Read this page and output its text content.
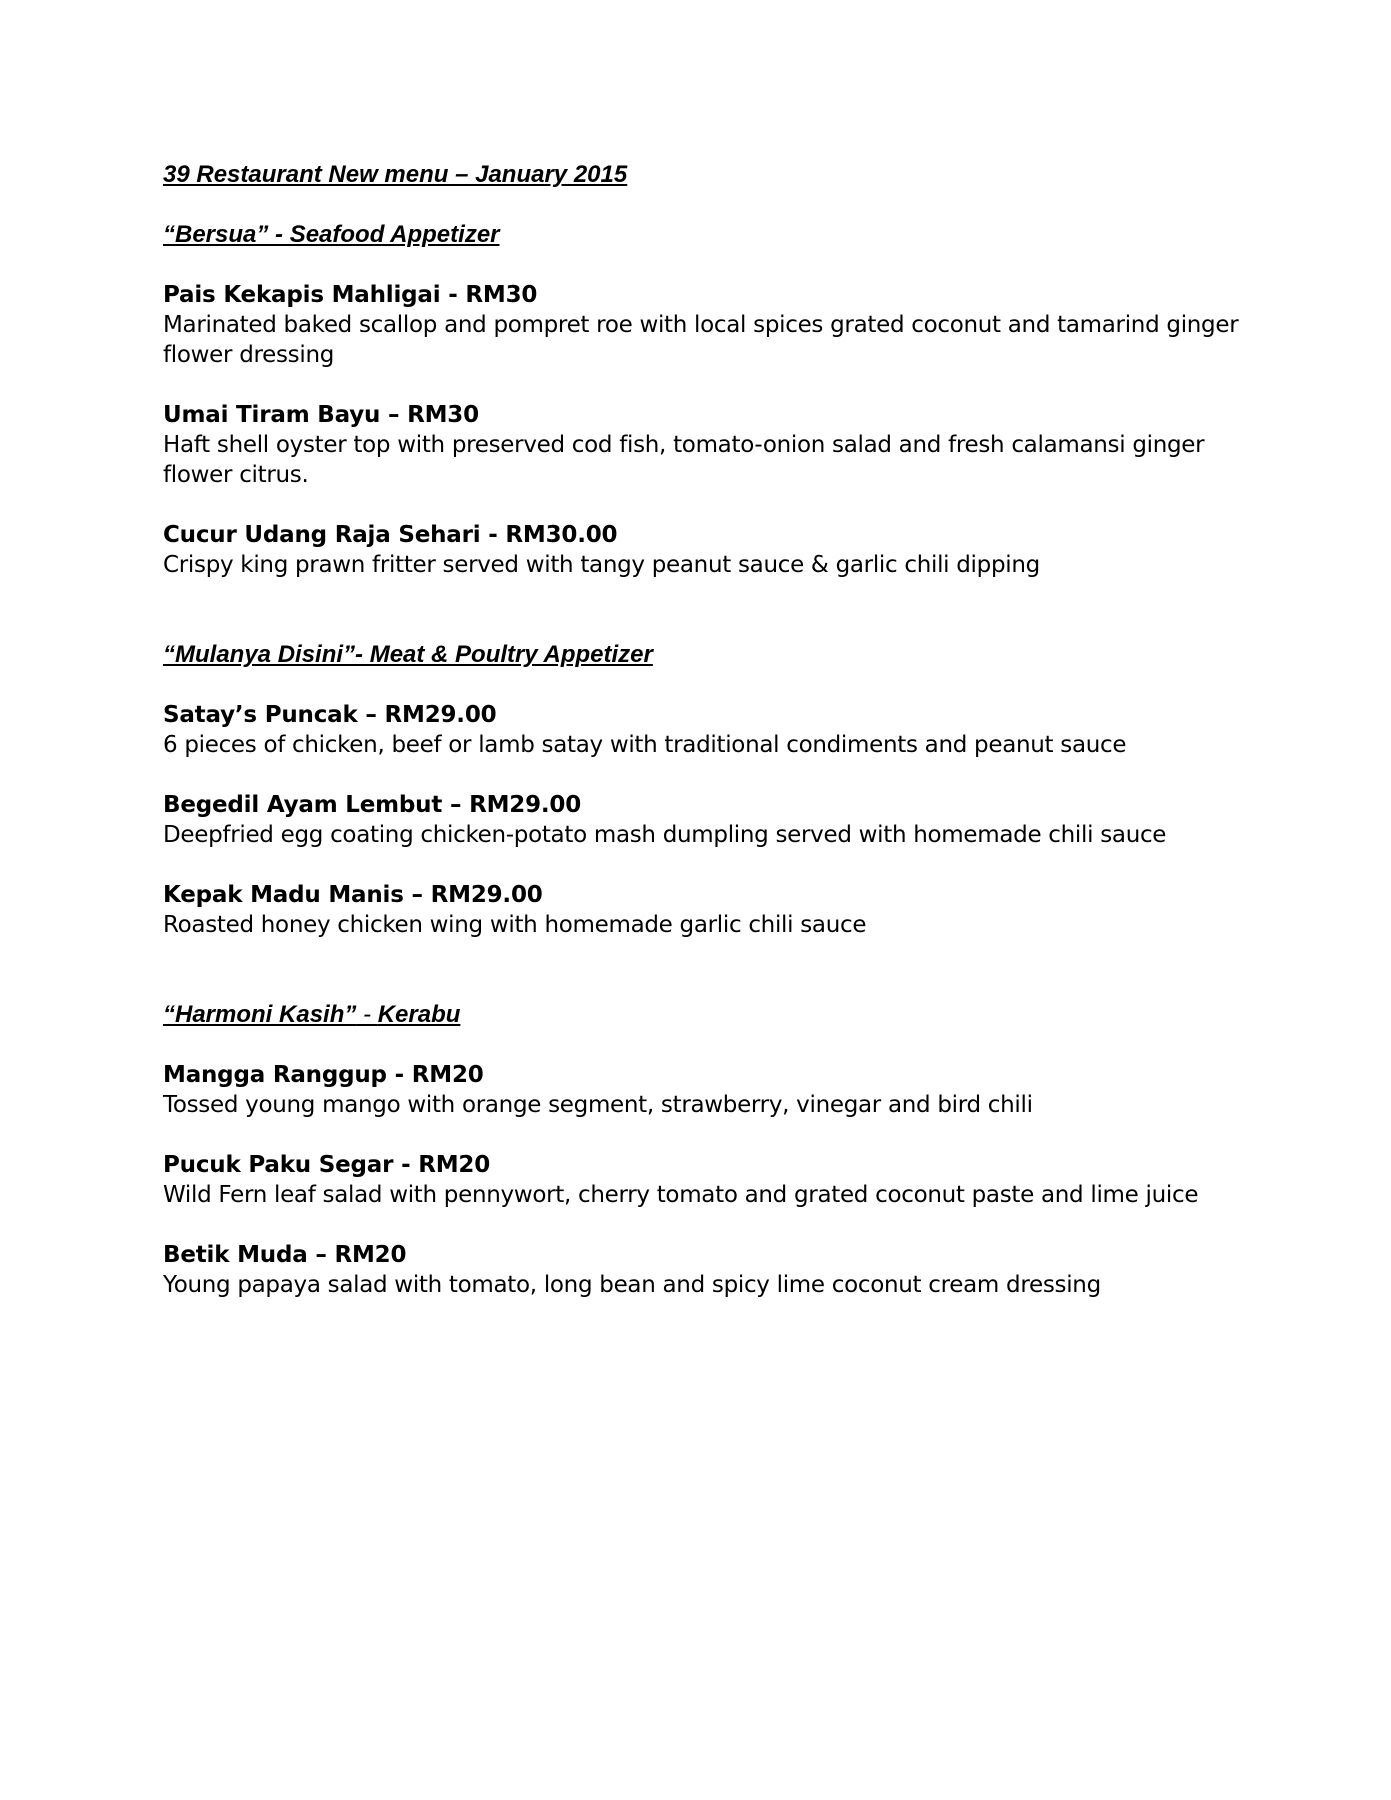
39 Restaurant New menu – January 2015
“Bersua” - Seafood Appetizer

Pais Kekapis Mahligai - RM30

Marinated baked scallop and pompret roe with local spices grated coconut and tamarind ginger flower dressing

Umai Tiram Bayu – RM30

Haft shell oyster top with preserved cod fish, tomato-onion salad and fresh calamansi ginger flower citrus.

Cucur Udang Raja Sehari - RM30.00

Crispy king prawn fritter served with tangy peanut sauce & garlic chili dipping

“Mulanya Disini”- Meat & Poultry Appetizer

Satay’s Puncak – RM29.00

6 pieces of chicken, beef or lamb satay with traditional condiments and peanut sauce

Begedil Ayam Lembut – RM29.00

Deepfried egg coating chicken-potato mash dumpling served with homemade chili sauce

Kepak Madu Manis – RM29.00

Roasted honey chicken wing with homemade garlic chili sauce

“Harmoni Kasih” - Kerabu

Mangga Ranggup - RM20

Tossed young mango with orange segment, strawberry, vinegar and bird chili

Pucuk Paku Segar - RM20

Wild Fern leaf salad with pennywort, cherry tomato and grated coconut paste and lime juice

Betik Muda – RM20

Young papaya salad with tomato, long bean and spicy lime coconut cream dressing
